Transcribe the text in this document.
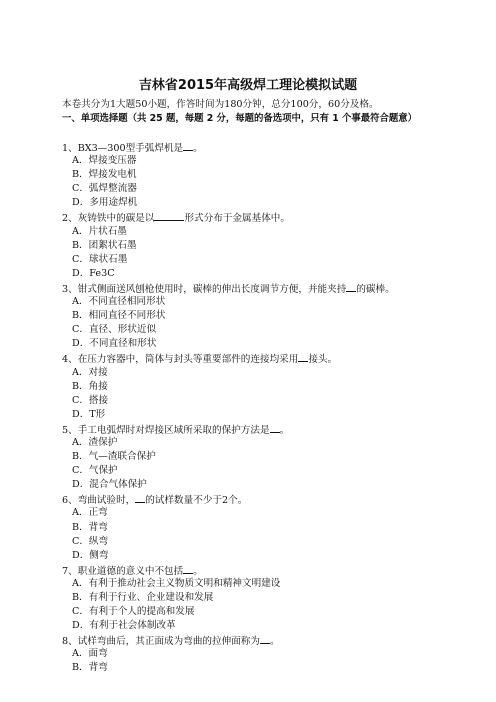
吉林省2015年高级焊工理论模拟试题
本卷共分为1大题50小题，作答时间为180分钟，总分100分，60分及格。
一、单项选择题（共 25 题，每题 2 分，每题的备选项中，只有 1 个事最符合题意）
1、BX3—300型手弧焊机是 。
A．焊接变压器
B．焊接发电机
C．弧焊整流器
D．多用途焊机
2、灰铸铁中的碳是以	形式分布于金属基体中。
A．片状石墨
B．团絮状石墨
C．球状石墨
D．Fe3C
3、钳式侧面送风刨枪使用时，碳棒的伸出长度调节方便，并能夹持 的碳棒。
A．不同直径相同形状
B．相同直径不同形状
C．直径、形状近似
D．不同直径和形状
4、在压力容器中，筒体与封头等重要部件的连接均采用 接头。
A．对接
B．角接
C．搭接
D．T形
5、手工电弧焊时对焊接区域所采取的保护方法是 。
A．渣保护
B．气—渣联合保护
C．气保护
D．混合气体保护
6、弯曲试验时， 的试样数量不少于2个。
A．正弯
B．背弯
C．纵弯
D．侧弯
7、职业道德的意义中不包括 。
A．有利于推动社会主义物质文明和精神文明建设
B．有利于行业、企业建设和发展
C．有利于个人的提高和发展
D．有利于社会体制改革
8、试样弯曲后，其正面成为弯曲的拉伸面称为 。
A．面弯
B．背弯
